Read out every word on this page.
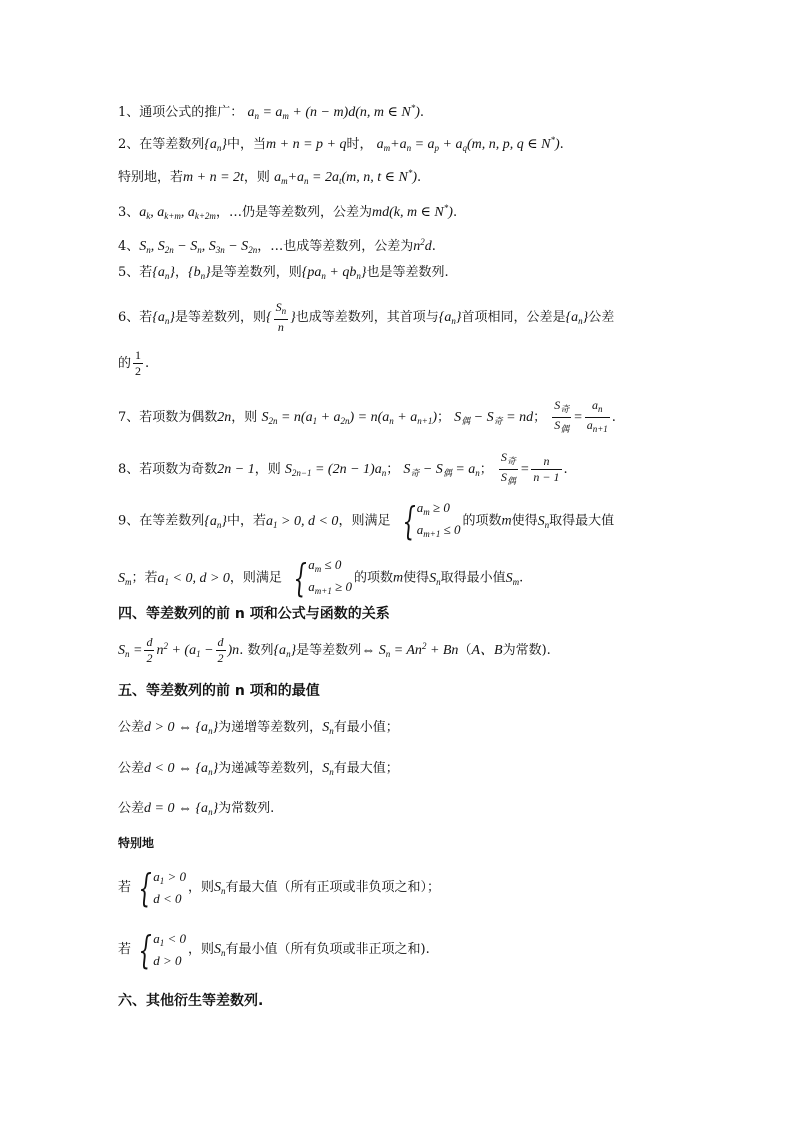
1、通项公式的推广： $a_n = a_m + (n - m)d(n$, m ∈ N*).
2、在等差数列$\{a_n\}$中，当m + n = p + q时， $a_m+a_n = a_p + a_q(m$, n, p, q ∈ N*).
特别地，若m + n = 2t，则 $a_m+a_n = 2a_t(m$, n, t ∈ N*).
3、$a_k$, $a_{k+m}$, $a_{k+2m}$，…仍是等差数列，公差为md(k, m ∈ N*).
4、$S_n$, $S_{2n} - S_n$, $S_{3n} - S_{2n}$，…也成等差数列，公差为$n^2d$.
5、若$\{a_n\}$，$\{b_n\}$是等差数列，则$\{pa_n + qb_n\}$也是等差数列.
6、若$\{a_n\}$是等差数列，则{ $\frac{S_n}{n}$ }也成等差数列，其首项与$\{a_n\}$首项相同，公差是$\{a_n\}$公差
的 $\frac{1}{2}$ .
7、若项数为偶数2n，则 $S_{2n} = n(a_1 + a_{2n}) = n(a_n + a_{n+1})$； $S_偶 - S_奇$ = nd； $\frac{S_奇}{S_偶} = \frac{a_n}{a_{n+1}}$ .
8、若项数为奇数2n − 1，则 $S_{2n-1} = (2n - 1)a_n$； $S_奇 - S_偶 = a_n$； $\frac{S_奇}{S_偶} = \frac{n}{n - 1}$ .
9、在等差数列$\{a_n\}$中，若$a_1 > 0$, d < 0，则满足 { $a_m \ge 0$
$a_{m+1} \le 0$
的项数m使得$S_n$取得最大值
$S_m$；若$a_1 < 0$, d > 0，则满足 { $a_m \le 0$
$a_{m+1} \ge 0$
的项数m使得$S_n$取得最小值$S_m$.
四、等差数列的前 n 项和公式与函数的关系
$S_n = \frac{d}{2} n^2 + (a_1 - \frac{d}{2} )n$. 数列$\{a_n\}$是等差数列⇔ $S_n = An^2 + Bn(A$、B为常数).
五、等差数列的前 n 项和的最值
公差d > 0 ⇔ $\{a_n\}$为递增等差数列，$S_n$有最小值；
公差d < 0 ⇔ $\{a_n\}$为递减等差数列，$S_n$有最大值；
公差d = 0 ⇔ $\{a_n\}$为常数列.
特别地
若 { $a_1 > 0$
d < 0
，则$S_n$有最大值（所有正项或非负项之和）；
若 { $a_1 < 0$
d > 0
，则$S_n$有最小值（所有负项或非正项之和).
六、其他衍生等差数列.
